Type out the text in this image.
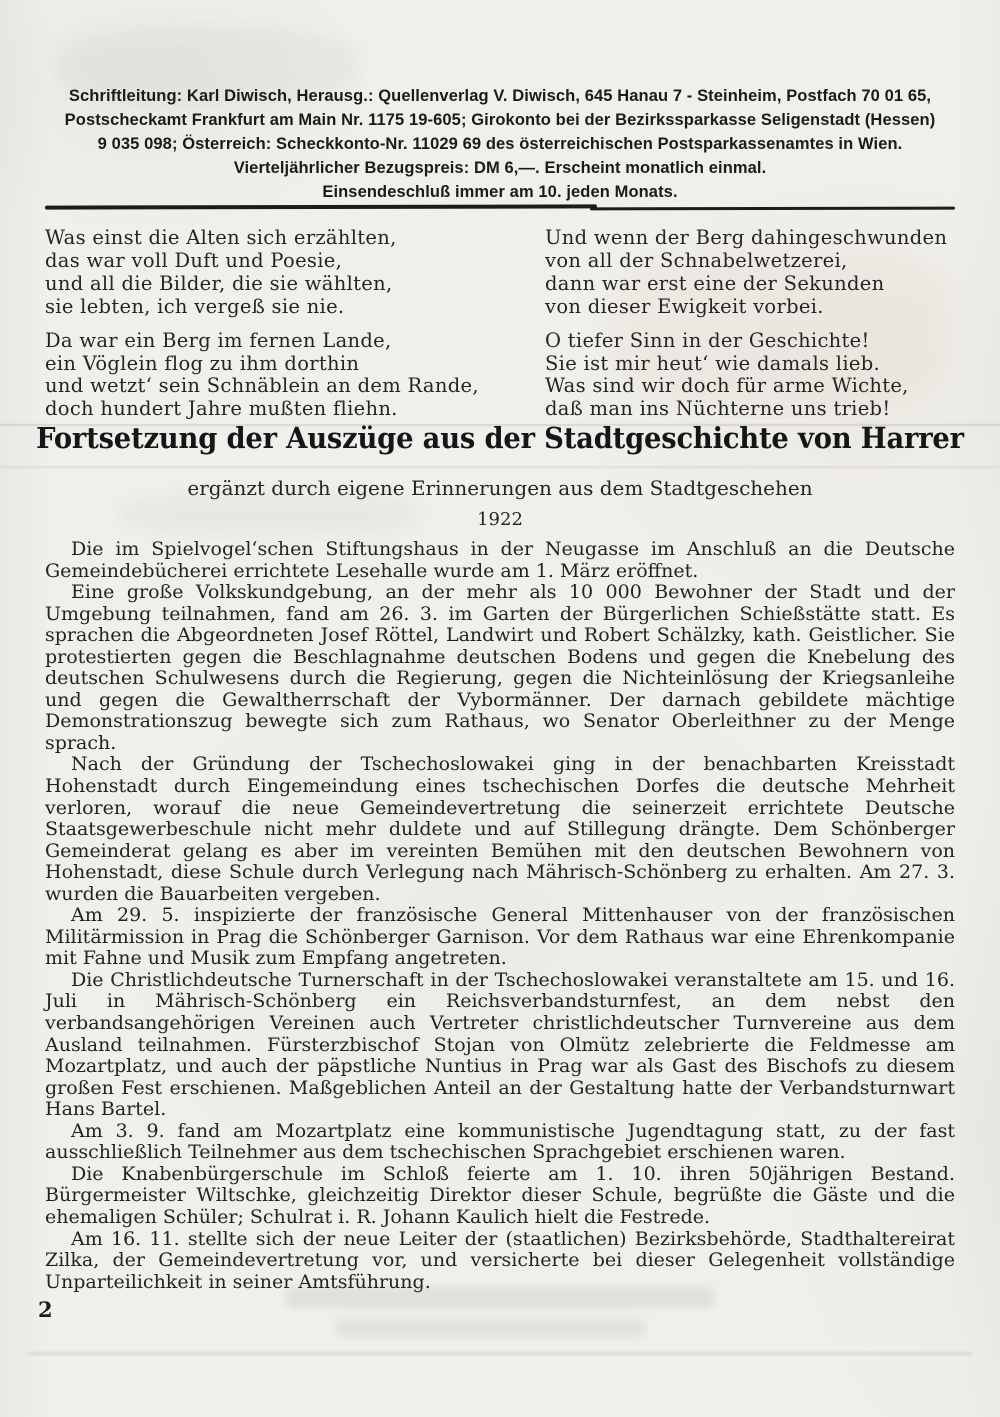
Schriftleitung: Karl Diwisch, Herausg.: Quellenverlag V. Diwisch, 645 Hanau 7 - Steinheim, Postfach 70 01 65,
Postscheckamt Frankfurt am Main Nr. 1175 19-605; Girokonto bei der Bezirkssparkasse Seligenstadt (Hessen)
9 035 098; Österreich: Scheckkonto-Nr. 11029 69 des österreichischen Postsparkassenamtes in Wien.
Vierteljährlicher Bezugspreis: DM 6,—. Erscheint monatlich einmal.
Einsendeschluß immer am 10. jeden Monats.
Was einst die Alten sich erzählten,
das war voll Duft und Poesie,
und all die Bilder, die sie wählten,
sie lebten, ich vergeß sie nie.
Da war ein Berg im fernen Lande,
ein Vöglein flog zu ihm dorthin
und wetzt‘ sein Schnäblein an dem Rande,
doch hundert Jahre mußten fliehn.
Und wenn der Berg dahingeschwunden
von all der Schnabelwetzerei,
dann war erst eine der Sekunden
von dieser Ewigkeit vorbei.
O tiefer Sinn in der Geschichte!
Sie ist mir heut‘ wie damals lieb.
Was sind wir doch für arme Wichte,
daß man ins Nüchterne uns trieb!
Fortsetzung der Auszüge aus der Stadtgeschichte von Harrer
ergänzt durch eigene Erinnerungen aus dem Stadtgeschehen
1922

Die im Spielvogel‘schen Stiftungshaus in der Neugasse im Anschluß an die Deutsche Gemeindebücherei errichtete Lesehalle wurde am 1. März eröffnet.

Eine große Volkskundgebung, an der mehr als 10 000 Bewohner der Stadt und der Umgebung teilnahmen, fand am 26. 3. im Garten der Bürgerlichen Schießstätte statt. Es sprachen die Abgeordneten Josef Röttel, Landwirt und Robert Schälzky, kath. Geistlicher. Sie protestierten gegen die Beschlagnahme deutschen Bodens und gegen die Knebelung des deutschen Schulwesens durch die Regierung, gegen die Nichteinlösung der Kriegsanleihe und gegen die Gewaltherrschaft der Vybormänner. Der darnach gebildete mächtige Demonstrationszug bewegte sich zum Rathaus, wo Senator Oberleithner zu der Menge sprach.

Nach der Gründung der Tschechoslowakei ging in der benachbarten Kreisstadt Hohenstadt durch Eingemeindung eines tschechischen Dorfes die deutsche Mehrheit verloren, worauf die neue Gemeindevertretung die seinerzeit errichtete Deutsche Staatsgewerbeschule nicht mehr duldete und auf Stillegung drängte. Dem Schönberger Gemeinderat gelang es aber im vereinten Bemühen mit den deutschen Bewohnern von Hohenstadt, diese Schule durch Verlegung nach Mährisch-Schönberg zu erhalten. Am 27. 3. wurden die Bauarbeiten vergeben.

Am 29. 5. inspizierte der französische General Mittenhauser von der französischen Militärmission in Prag die Schönberger Garnison. Vor dem Rathaus war eine Ehrenkompanie mit Fahne und Musik zum Empfang angetreten.

Die Christlichdeutsche Turnerschaft in der Tschechoslowakei veranstaltete am 15. und 16. Juli in Mährisch-Schönberg ein Reichsverbandsturnfest, an dem nebst den verbandsangehörigen Vereinen auch Vertreter christlichdeutscher Turnvereine aus dem Ausland teilnahmen. Fürsterzbischof Stojan von Olmütz zelebrierte die Feldmesse am Mozartplatz, und auch der päpstliche Nuntius in Prag war als Gast des Bischofs zu diesem großen Fest erschienen. Maßgeblichen Anteil an der Gestaltung hatte der Verbandsturnwart Hans Bartel.

Am 3. 9. fand am Mozartplatz eine kommunistische Jugendtagung statt, zu der fast ausschließlich Teilnehmer aus dem tschechischen Sprachgebiet erschienen waren.

Die Knabenbürgerschule im Schloß feierte am 1. 10. ihren 50jährigen Bestand. Bürgermeister Wiltschke, gleichzeitig Direktor dieser Schule, begrüßte die Gäste und die ehemaligen Schüler; Schulrat i. R. Johann Kaulich hielt die Festrede.

Am 16. 11. stellte sich der neue Leiter der (staatlichen) Bezirksbehörde, Stadthaltereirat Zilka, der Gemeindevertretung vor, und versicherte bei dieser Gelegenheit vollständige Unparteilichkeit in seiner Amtsführung.

2
